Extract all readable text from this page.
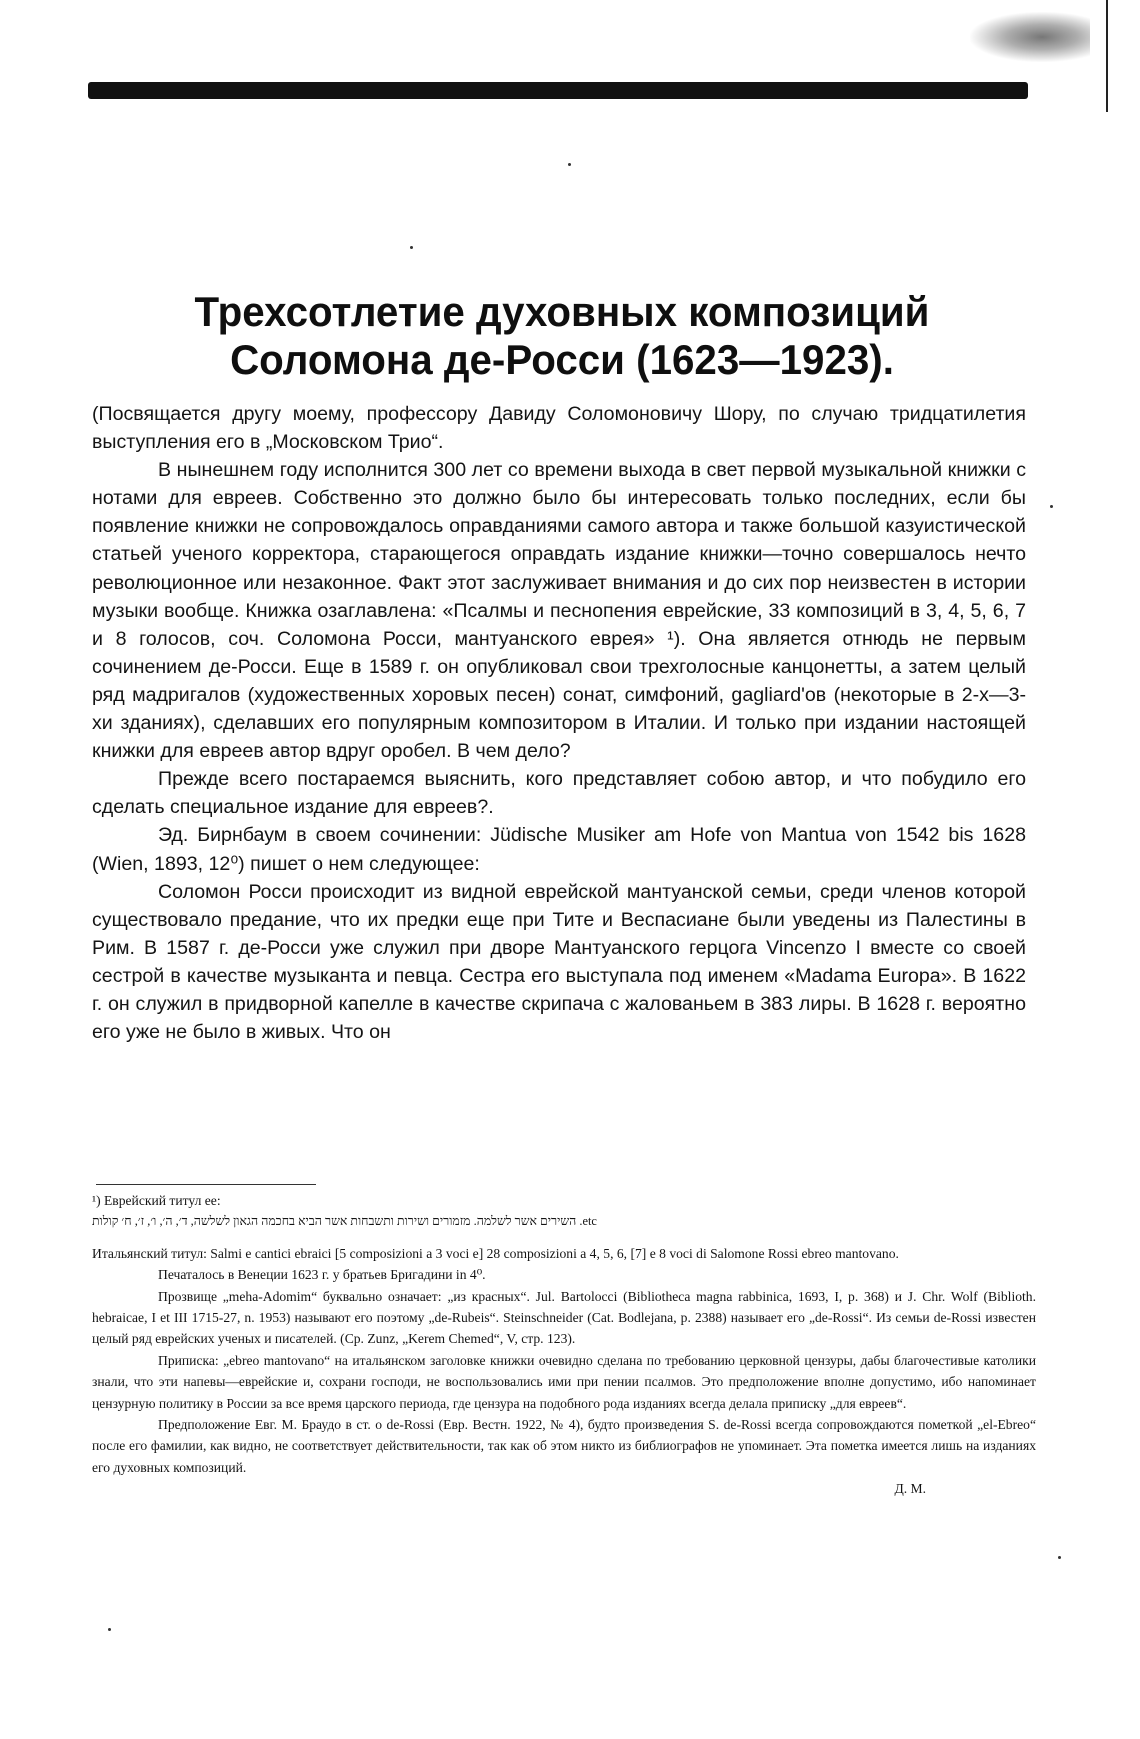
Трехсотлетие духовных композиций
Соломона де-Росси (1623—1923).

(Посвящается другу моему, профессору Давиду Соломоновичу Шору, по случаю тридцатилетия выступления его в „Московском Трио“.

В нынешнем году исполнится 300 лет со времени выхода в свет первой музыкальной книжки с нотами для евреев. Собственно это должно было бы интересовать только последних, если бы появление книжки не сопровождалось оправданиями самого автора и также большой казуистической статьей ученого корректора, старающегося оправдать издание книжки—точно совершалось нечто революционное или незаконное. Факт этот заслуживает внимания и до сих пор неизвестен в истории музыки вообще. Книжка озаглавлена: «Псалмы и песнопения еврейские, 33 композиций в 3, 4, 5, 6, 7 и 8 голосов, соч. Соломона Росси, мантуанского еврея» ¹). Она является отнюдь не первым сочинением де-Росси. Еще в 1589 г. он опубликовал свои трехголосные канцонетты, а затем целый ряд мадригалов (художественных хоровых песен) сонат, симфоний, gagliard'ов (некоторые в 2-х—3-хи зданиях), сделавших его популярным композитором в Италии. И только при издании настоящей книжки для евреев автор вдруг оробел. В чем дело?

Прежде всего постараемся выяснить, кого представляет собою автор, и что побудило его сделать специальное издание для евреев?.

Эд. Бирнбаум в своем сочинении: Jüdische Musiker am Hofe von Mantua von 1542 bis 1628 (Wien, 1893, 12⁰) пишет о нем следующее:

Соломон Росси происходит из видной еврейской мантуанской семьи, среди членов которой существовало предание, что их предки еще при Тите и Веспасиане были уведены из Палестины в Рим. В 1587 г. де-Росси уже служил при дворе Мантуанского герцога Vincenzo I вместе со своей сестрой в качестве музыканта и певца. Сестра его выступала под именем «Madama Europa». В 1622 г. он служил в придворной капелле в качестве скрипача с жалованьем в 383 лиры. В 1628 г. вероятно его уже не было в живых. Что он

¹) Еврейский титул ее:

etc. השירים אשר לשלמה. מזמורים ושירות ותשבחות אשר הביא בחכמה הגאון לשלשה, ד׳, ה׳, ו׳, ז׳, ח׳ קולות

Итальянский титул: Salmi e cantici ebraici [5 composizioni a 3 voci e] 28 composizioni a 4, 5, 6, [7] e 8 voci di Salomone Rossi ebreo mantovano.

Печаталось в Венеции 1623 г. у братьев Бригадини in 4⁰.

Прозвище „meha-Adomim“ буквально означает: „из красных“. Jul. Bartolocci (Bibliotheca magna rabbinica, 1693, I, p. 368) и J. Chr. Wolf (Biblioth. hebraicae, I et III 1715-27, n. 1953) называют его поэтому „de-Rubeis“. Steinschneider (Cat. Bodlejana, p. 2388) называет его „de-Rossi“. Из семьи de-Rossi известен целый ряд еврейских ученых и писателей. (Ср. Zunz, „Kerem Chemed“, V, стр. 123).

Приписка: „ebreo mantovano“ на итальянском заголовке книжки очевидно сделана по требованию церковной цензуры, дабы благочестивые католики знали, что эти напевы—еврейские и, сохрани господи, не воспользовались ими при пении псалмов. Это предположение вполне допустимо, ибо напоминает цензурную политику в России за все время царского периода, где цензура на подобного рода изданиях всегда делала приписку „для евреев“.

Предположение Евг. М. Браудо в ст. о de-Rossi (Евр. Вестн. 1922, № 4), будто произведения S. de-Rossi всегда сопровождаются пометкой „el-Ebreo“ после его фамилии, как видно, не соответствует действительности, так как об этом никто из библиографов не упоминает. Эта пометка имеется лишь на изданиях его духовных композиций.

Д. М.
